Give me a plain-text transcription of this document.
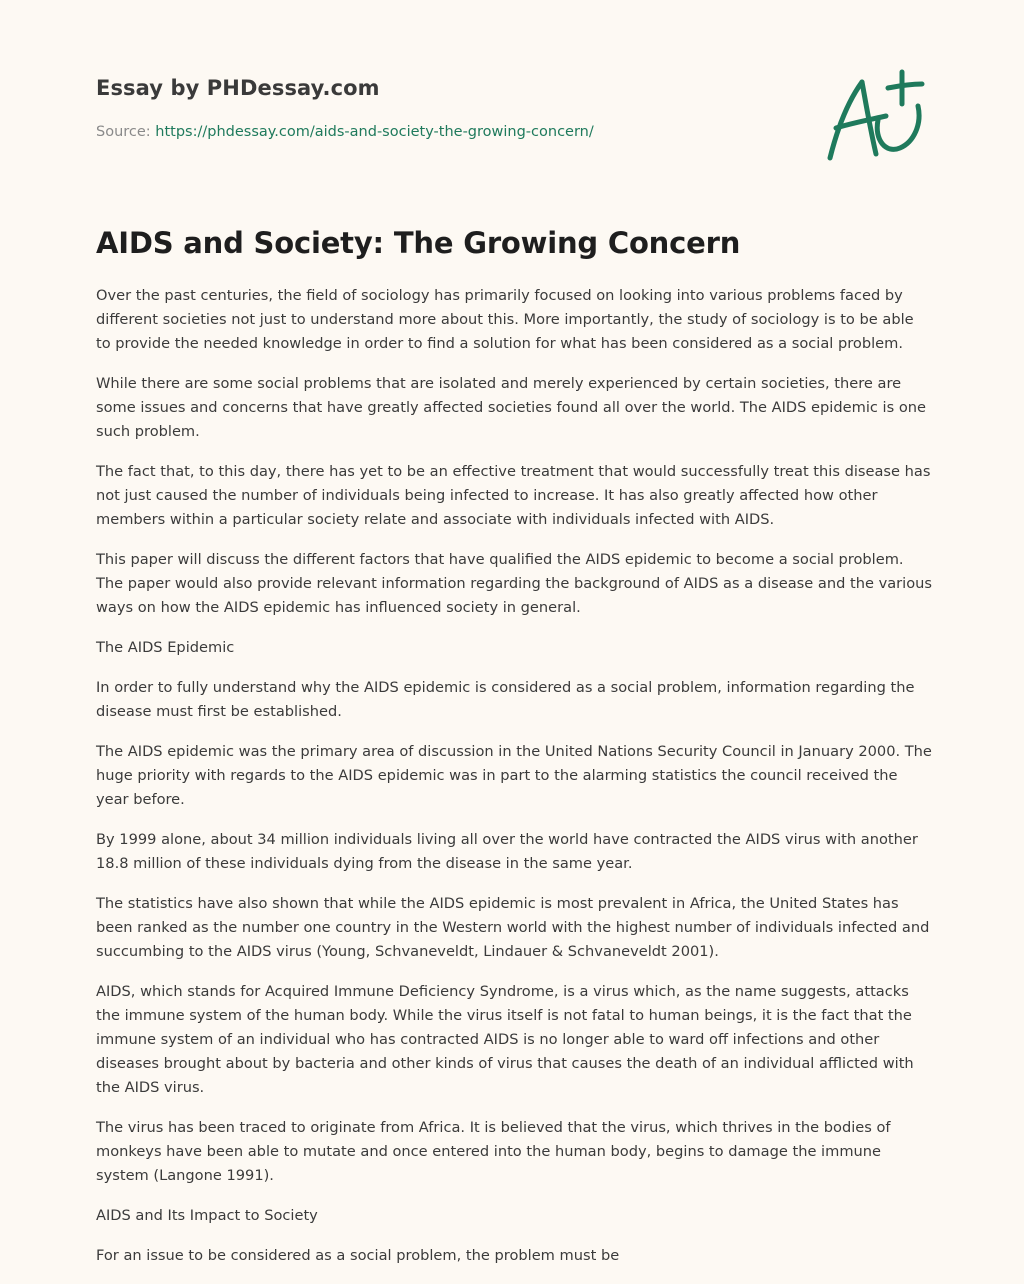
Essay by PHDessay.com

Source: https://phdessay.com/aids-and-society-the-growing-concern/

AIDS and Society: The Growing Concern

Over the past centuries, the field of sociology has primarily focused on looking into various problems faced by different societies not just to understand more about this. More importantly, the study of sociology is to be able to provide the needed knowledge in order to find a solution for what has been considered as a social problem.

While there are some social problems that are isolated and merely experienced by certain societies, there are some issues and concerns that have greatly affected societies found all over the world. The AIDS epidemic is one such problem.

The fact that, to this day, there has yet to be an effective treatment that would successfully treat this disease has not just caused the number of individuals being infected to increase. It has also greatly affected how other members within a particular society relate and associate with individuals infected with AIDS.

This paper will discuss the different factors that have qualified the AIDS epidemic to become a social problem. The paper would also provide relevant information regarding the background of AIDS as a disease and the various ways on how the AIDS epidemic has influenced society in general.

The AIDS Epidemic

In order to fully understand why the AIDS epidemic is considered as a social problem, information regarding the disease must first be established.

The AIDS epidemic was the primary area of discussion in the United Nations Security Council in January 2000. The huge priority with regards to the AIDS epidemic was in part to the alarming statistics the council received the year before.

By 1999 alone, about 34 million individuals living all over the world have contracted the AIDS virus with another 18.8 million of these individuals dying from the disease in the same year.

The statistics have also shown that while the AIDS epidemic is most prevalent in Africa, the United States has been ranked as the number one country in the Western world with the highest number of individuals infected and succumbing to the AIDS virus (Young, Schvaneveldt, Lindauer & Schvaneveldt 2001).

AIDS, which stands for Acquired Immune Deficiency Syndrome, is a virus which, as the name suggests, attacks the immune system of the human body. While the virus itself is not fatal to human beings, it is the fact that the immune system of an individual who has contracted AIDS is no longer able to ward off infections and other diseases brought about by bacteria and other kinds of virus that causes the death of an individual afflicted with the AIDS virus.

The virus has been traced to originate from Africa. It is believed that the virus, which thrives in the bodies of monkeys have been able to mutate and once entered into the human body, begins to damage the immune system (Langone 1991).

AIDS and Its Impact to Society

For an issue to be considered as a social problem, the problem must be
